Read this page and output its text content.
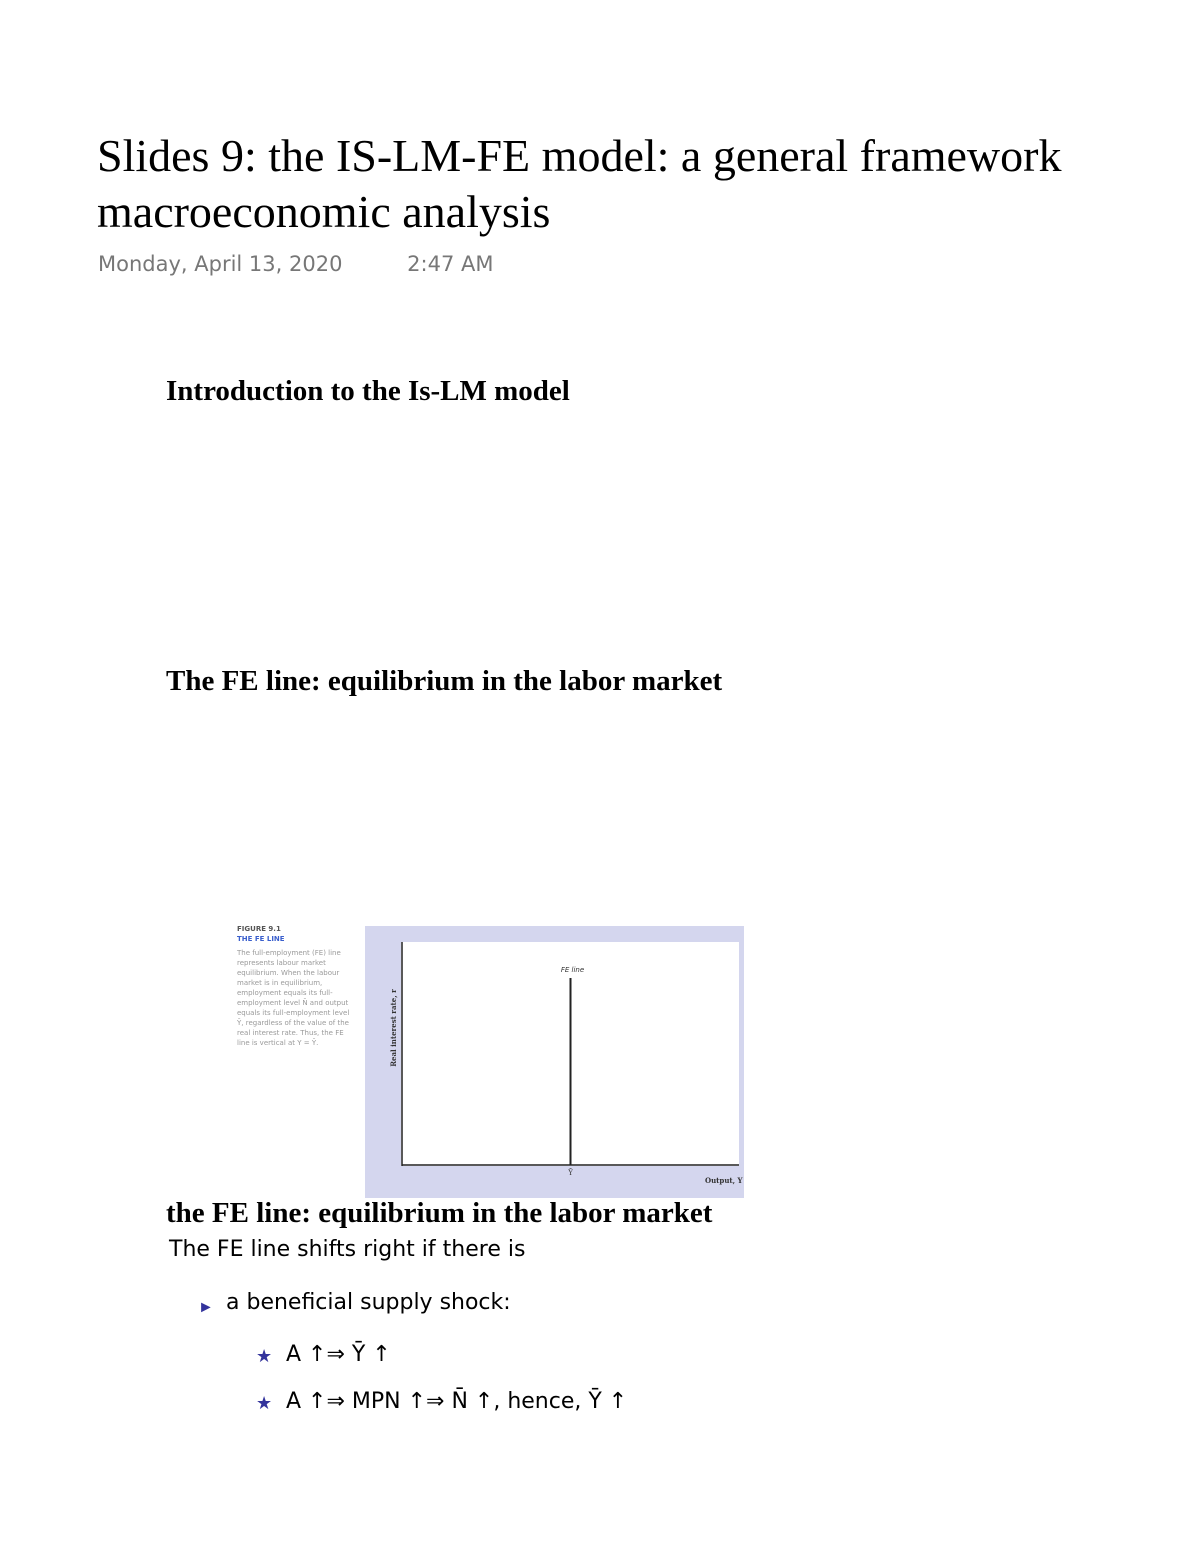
Slides 9: the IS-LM-FE model: a general framework
macroeconomic analysis
Monday, April 13, 2020	2:47 AM
Introduction to the Is-LM model
The FE line: equilibrium in the labor market
FIGURE 9.1
THE FE LINE
The full-employment (FE) line represents labour market equilibrium. When the labour market is in equilibrium, employment equals its full-employment level N̄ and output equals its full-employment level Ȳ, regardless of the value of the real interest rate. Thus, the FE line is vertical at Y = Ȳ.
FE line
Ȳ
Output, Y
Real interest rate, r
the FE line: equilibrium in the labor market
The FE line shifts right if there is
► a beneficial supply shock:
★ A ↑⇒ Ȳ ↑
★ A ↑⇒ MPN ↑⇒ N̄ ↑, hence, Ȳ ↑
